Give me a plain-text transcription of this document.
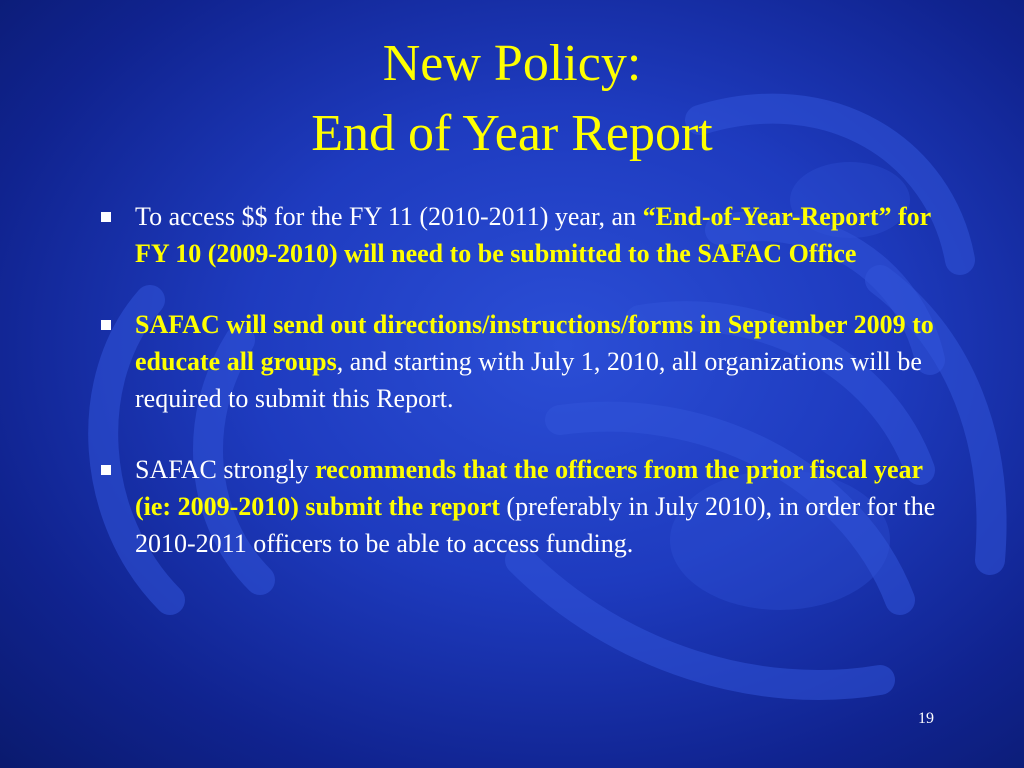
New Policy:
End of Year Report
To access $$ for the FY 11 (2010-2011) year, an “End-of-Year-Report” for FY 10 (2009-2010) will need to be submitted to the SAFAC Office
SAFAC will send out directions/instructions/forms in September 2009 to educate all groups, and starting with July 1, 2010, all organizations will be required to submit this Report.
SAFAC strongly recommends that the officers from the prior fiscal year (ie: 2009-2010) submit the report (preferably in July 2010), in order for the 2010-2011 officers to be able to access funding.
19
